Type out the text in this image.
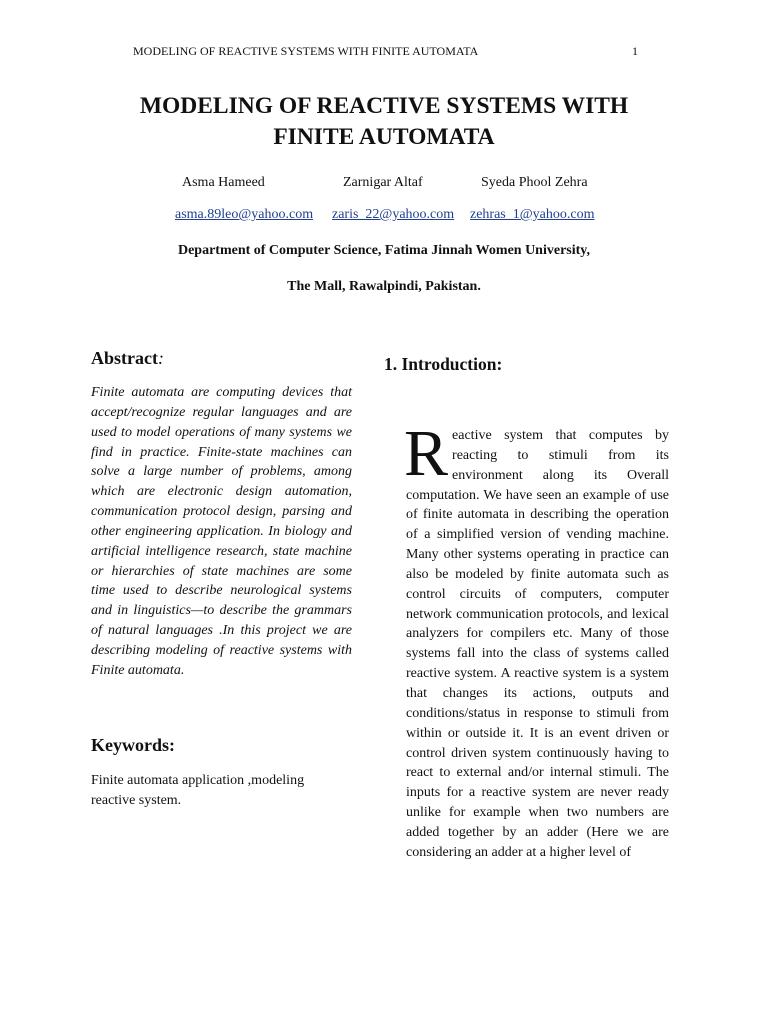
MODELING OF REACTIVE SYSTEMS WITH FINITE AUTOMATA	1
MODELING OF REACTIVE SYSTEMS WITH
FINITE AUTOMATA
Asma Hameed	Zarnigar Altaf	Syeda Phool Zehra
asma.89leo@yahoo.com zaris_22@yahoo.com zehras_1@yahoo.com
Department of Computer Science, Fatima Jinnah Women University,
The Mall, Rawalpindi, Pakistan.
Abstract:
Finite automata are computing devices that accept/recognize regular languages and are used to model operations of many systems we find in practice. Finite-state machines can solve a large number of problems, among which are electronic design automation, communication protocol design, parsing and other engineering application. In biology and artificial intelligence research, state machine or hierarchies of state machines are some time used to describe neurological systems and in linguistics—to describe the grammars of natural languages .In this project we are describing modeling of reactive systems with Finite automata.
Keywords:
Finite automata application ,modeling reactive system.
1. Introduction:
Reactive system that computes by reacting to stimuli from its environment along its Overall computation. We have seen an example of use of finite automata in describing the operation of a simplified version of vending machine. Many other systems operating in practice can also be modeled by finite automata such as control circuits of computers, computer network communication protocols, and lexical analyzers for compilers etc. Many of those systems fall into the class of systems called reactive system. A reactive system is a system that changes its actions, outputs and conditions/status in response to stimuli from within or outside it. It is an event driven or control driven system continuously having to react to external and/or internal stimuli. The inputs for a reactive system are never ready unlike for example when two numbers are added together by an adder (Here we are considering an adder at a higher level of
